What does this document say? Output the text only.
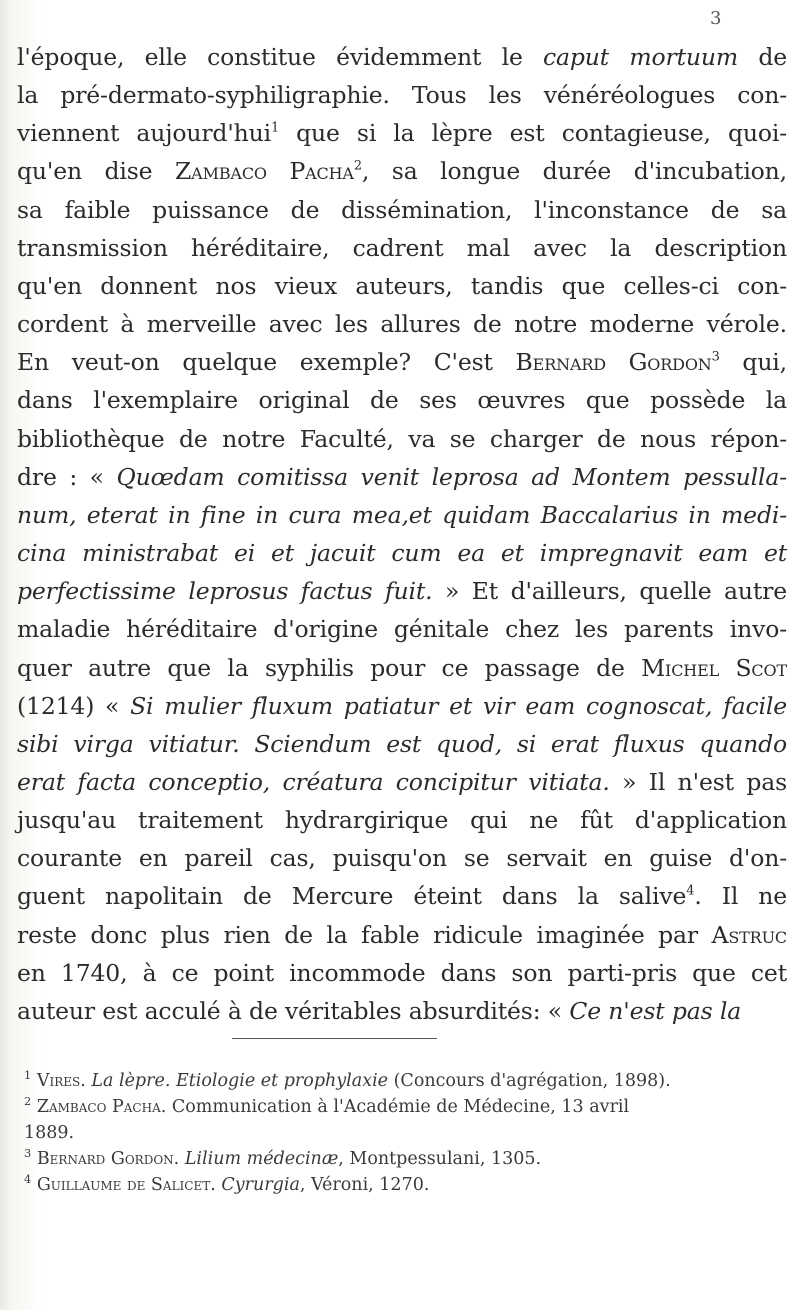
3
l'époque, elle constitue évidemment le caput mortuum de
la pré-dermato-syphiligraphie. Tous les vénéréologues con-
viennent aujourd'hui$^1$ que si la lèpre est contagieuse, quoi-
qu'en dise Zambaco Pacha$^2$, sa longue durée d'incubation,
sa faible puissance de dissémination, l'inconstance de sa
transmission héréditaire, cadrent mal avec la description
qu'en donnent nos vieux auteurs, tandis que celles-ci con-
cordent à merveille avec les allures de notre moderne vérole.
En veut-on quelque exemple? C'est Bernard Gordon$^3$ qui,
dans l'exemplaire original de ses œuvres que possède la
bibliothèque de notre Faculté, va se charger de nous répon-
dre : « Quœdam comitissa venit leprosa ad Montem pessulla-
num, eterat in fine in cura mea,et quidam Baccalarius in medi-
cina ministrabat ei et jacuit cum ea et impregnavit eam et
perfectissime leprosus factus fuit. » Et d'ailleurs, quelle autre
maladie héréditaire d'origine génitale chez les parents invo-
quer autre que la syphilis pour ce passage de Michel Scot
(1214) « Si mulier fluxum patiatur et vir eam cognoscat, facile
sibi virga vitiatur. Sciendum est quod, si erat fluxus quando
erat facta conceptio, créatura concipitur vitiata. » Il n'est pas
jusqu'au traitement hydrargirique qui ne fût d'application
courante en pareil cas, puisqu'on se servait en guise d'on-
guent napolitain de Mercure éteint dans la salive$^4$. Il ne
reste donc plus rien de la fable ridicule imaginée par Astruc
en 1740, à ce point incommode dans son parti-pris que cet
auteur est acculé à de véritables absurdités: « Ce n'est pas la
$^1$ Vires. La lèpre. Etiologie et prophylaxie (Concours d'agrégation, 1898).
$^2$ Zambaco Pacha. Communication à l'Académie de Médecine, 13 avril
1889.
$^3$ Bernard Gordon. Lilium médecinæ, Montpessulani, 1305.
$^4$ Guillaume de Saliceт. Cyrurgia, Véroni, 1270.
